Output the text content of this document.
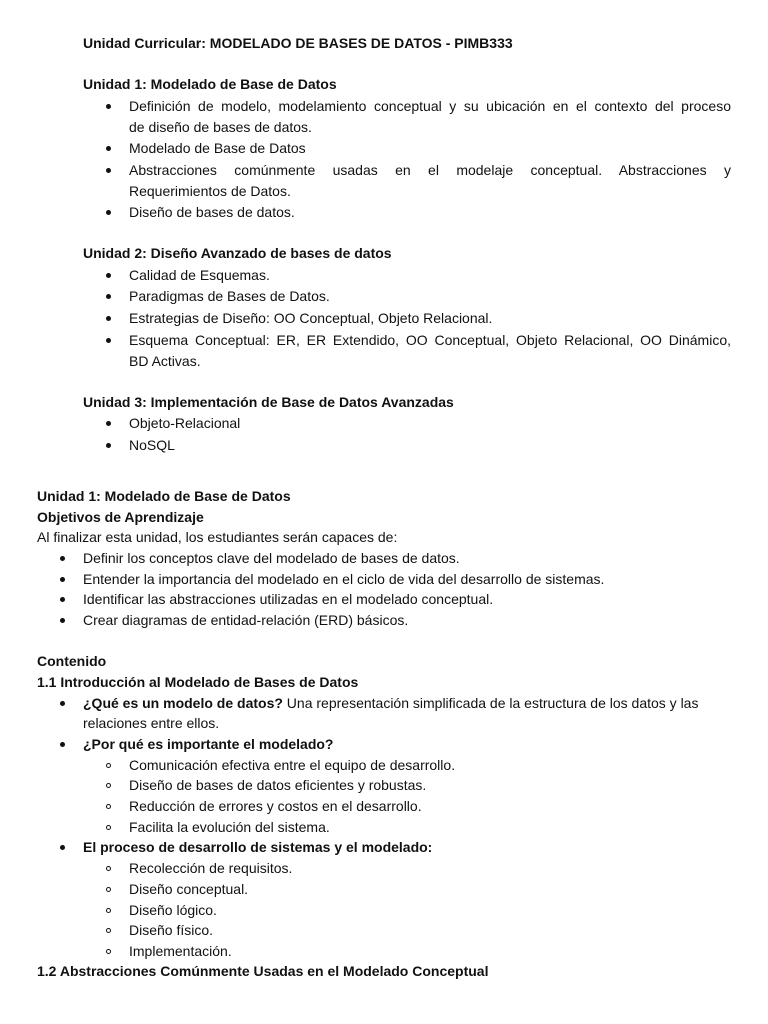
Unidad Curricular: MODELADO DE BASES DE DATOS - PIMB333
Unidad 1: Modelado de Base de Datos
Definición de modelo, modelamiento conceptual y su ubicación en el contexto del proceso
de diseño de bases de datos.
Modelado de Base de Datos
Abstracciones comúnmente usadas en el modelaje conceptual. Abstracciones y
Requerimientos de Datos.
Diseño de bases de datos.
Unidad 2: Diseño Avanzado de bases de datos
Calidad de Esquemas.
Paradigmas de Bases de Datos.
Estrategias de Diseño: OO Conceptual, Objeto Relacional.
Esquema Conceptual: ER, ER Extendido, OO Conceptual, Objeto Relacional, OO Dinámico,
BD Activas.
Unidad 3: Implementación de Base de Datos Avanzadas
Objeto-Relacional
NoSQL
Unidad 1: Modelado de Base de Datos
Objetivos de Aprendizaje
Al finalizar esta unidad, los estudiantes serán capaces de:
Definir los conceptos clave del modelado de bases de datos.
Entender la importancia del modelado en el ciclo de vida del desarrollo de sistemas.
Identificar las abstracciones utilizadas en el modelado conceptual.
Crear diagramas de entidad-relación (ERD) básicos.
Contenido
1.1 Introducción al Modelado de Bases de Datos
¿Qué es un modelo de datos? Una representación simplificada de la estructura de los datos y las
relaciones entre ellos.
¿Por qué es importante el modelado?
Comunicación efectiva entre el equipo de desarrollo.
Diseño de bases de datos eficientes y robustas.
Reducción de errores y costos en el desarrollo.
Facilita la evolución del sistema.
El proceso de desarrollo de sistemas y el modelado:
Recolección de requisitos.
Diseño conceptual.
Diseño lógico.
Diseño físico.
Implementación.
1.2 Abstracciones Comúnmente Usadas en el Modelado Conceptual
